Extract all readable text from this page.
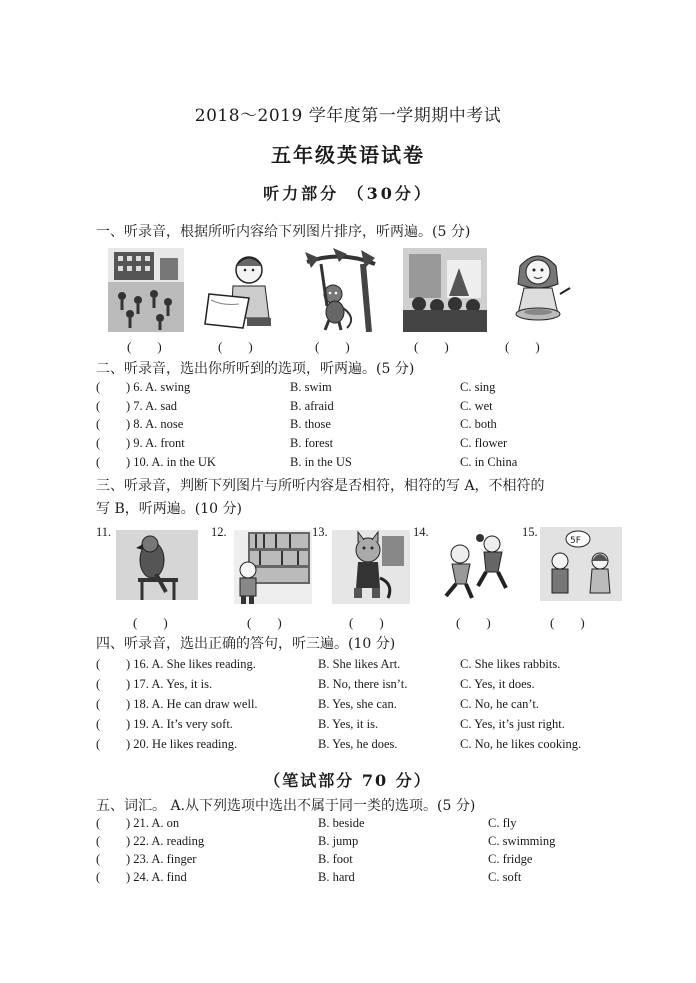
2018～2019 学年度第一学期期中考试
五年级英语试卷
听力部分 （30分）
一、听录音，根据所听内容给下列图片排序，听两遍。(5 分)
(　　)	(　　)	(　　)	(　　)	(　　)
二、听录音，选出你所听到的选项，听两遍。(5 分)
( ) 6. A. swing	B. swim	C. sing
( ) 7. A. sad	B. afraid	C. wet
( ) 8. A. nose	B. those	C. both
( ) 9. A. front	B. forest	C. flower
( ) 10. A. in the UK	B. in the US	C. in China
三、听录音，判断下列图片与所听内容是否相符，相符的写 A，不相符的
写 B，听两遍。(10 分)
11.	12.	13.	14.	15.
5F
(　　)	(　　)	(　　)	(　　)	(　　)
四、听录音，选出正确的答句，听三遍。(10 分)
( ) 16. A. She likes reading.	B. She likes Art.	C. She likes rabbits.
( ) 17. A. Yes, it is.	B. No, there isn’t.	C. Yes, it does.
( ) 18. A. He can draw well.	B. Yes, she can.	C. No, he can’t.
( ) 19. A. It’s very soft.	B. Yes, it is.	C. Yes, it’s just right.
( ) 20. He likes reading.	B. Yes, he does.	C. No, he likes cooking.
（笔试部分 70 分）
五、词汇。 A.从下列选项中选出不属于同一类的选项。(5 分)
( ) 21. A. on	B. beside	C. fly
( ) 22. A. reading	B. jump	C. swimming
( ) 23. A. finger	B. foot	C. fridge
( ) 24. A. find	B. hard	C. soft
